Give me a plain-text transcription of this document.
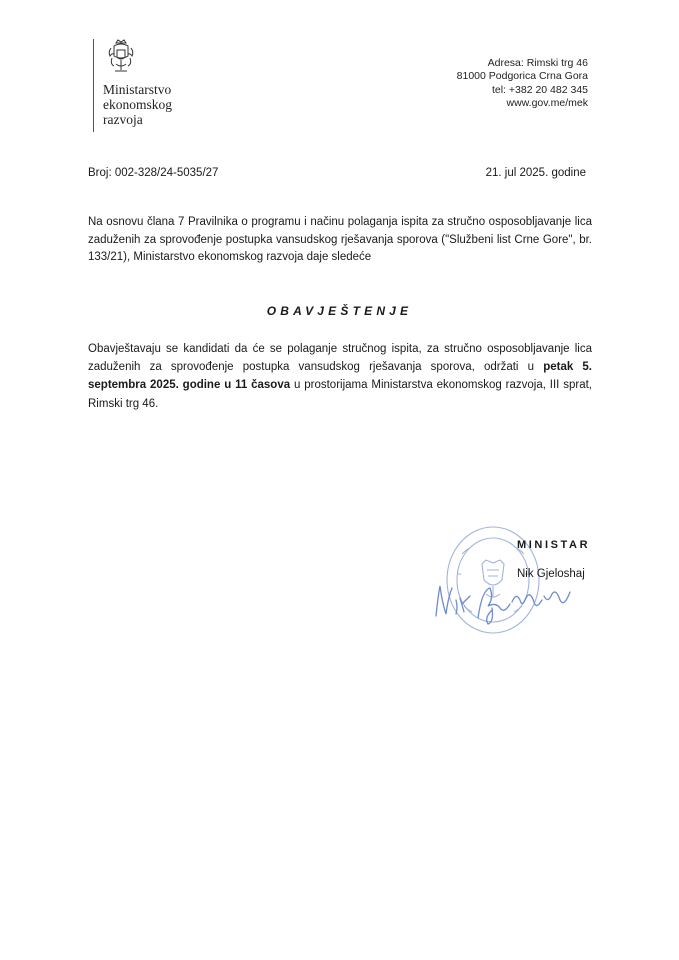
Ministarstvo
ekonomskog
razvoja
Adresa: Rimski trg 46
81000 Podgorica Crna Gora
tel: +382 20 482 345
www.gov.me/mek
Broj: 002-328/24-5035/27	21. jul 2025. godine
Na osnovu člana 7 Pravilnika o programu i načinu polaganja ispita za stručno osposobljavanje lica zaduženih za sprovođenje postupka vansudskog rješavanja sporova ("Službeni list Crne Gore", br. 133/21), Ministarstvo ekonomskog razvoja daje sledeće
OBAVJEŠTENJE
Obavještavaju se kandidati da će se polaganje stručnog ispita, za stručno osposobljavanje lica zaduženih za sprovođenje postupka vansudskog rješavanja sporova, održati u petak 5. septembra 2025. godine u 11 časova u prostorijama Ministarstva ekonomskog razvoja, III sprat, Rimski trg 46.
MINISTAR
Nik Gjeloshaj
